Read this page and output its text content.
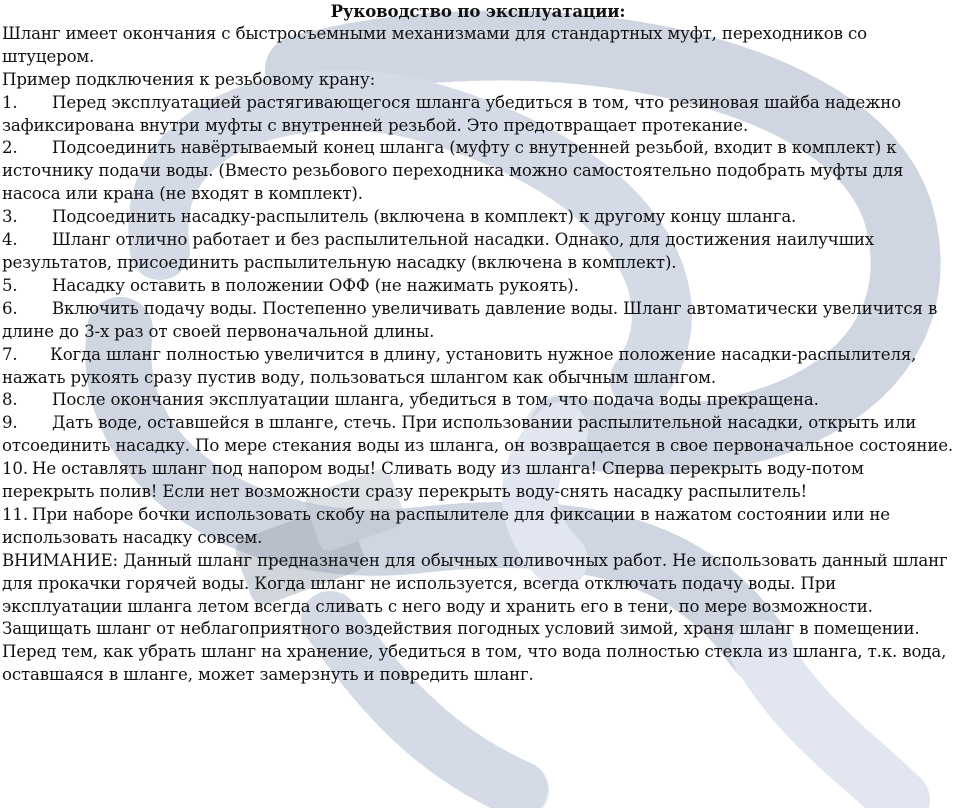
Руководство по эксплуатации:

Шланг имеет окончания с быстросъемными механизмами для стандартных муфт, переходников со штуцером.

Пример подключения к резьбовому крану:

1. Перед эксплуатацией растягивающегося шланга убедиться в том, что резиновая шайба надежно зафиксирована внутри муфты с внутренней резьбой. Это предотвращает протекание.

2. Подсоединить навёртываемый конец шланга (муфту с внутренней резьбой, входит в комплект) к источнику подачи воды. (Вместо резьбового переходника можно самостоятельно подобрать муфты для насоса или крана (не входят в комплект).

3. Подсоединить насадку-распылитель (включена в комплект) к другому концу шланга.

4. Шланг отлично работает и без распылительной насадки. Однако, для достижения наилучших результатов, присоединить распылительную насадку (включена в комплект).

5. Насадку оставить в положении ОФФ (не нажимать рукоять).

6. Включить подачу воды. Постепенно увеличивать давление воды. Шланг автоматически увеличится в длине до 3-х раз от своей первоначальной длины.

7. Когда шланг полностью увеличится в длину, установить нужное положение насадки-распылителя, нажать рукоять сразу пустив воду, пользоваться шлангом как обычным шлангом.

8. После окончания эксплуатации шланга, убедиться в том, что подача воды прекращена.

9. Дать воде, оставшейся в шланге, стечь. При использовании распылительной насадки, открыть или отсоединить насадку. По мере стекания воды из шланга, он возвращается в свое первоначальное состояние.

10. Не оставлять шланг под напором воды! Сливать воду из шланга! Сперва перекрыть воду-потом перекрыть полив! Если нет возможности сразу перекрыть воду-снять насадку распылитель!

11. При наборе бочки использовать скобу на распылителе для фиксации в нажатом состоянии или не использовать насадку совсем.

ВНИМАНИЕ: Данный шланг предназначен для обычных поливочных работ. Не использовать данный шланг для прокачки горячей воды. Когда шланг не используется, всегда отключать подачу воды. При эксплуатации шланга летом всегда сливать с него воду и хранить его в тени, по мере возможности. Защищать шланг от неблагоприятного воздействия погодных условий зимой, храня шланг в помещении. Перед тем, как убрать шланг на хранение, убедиться в том, что вода полностью стекла из шланга, т.к. вода, оставшаяся в шланге, может замерзнуть и повредить шланг.
